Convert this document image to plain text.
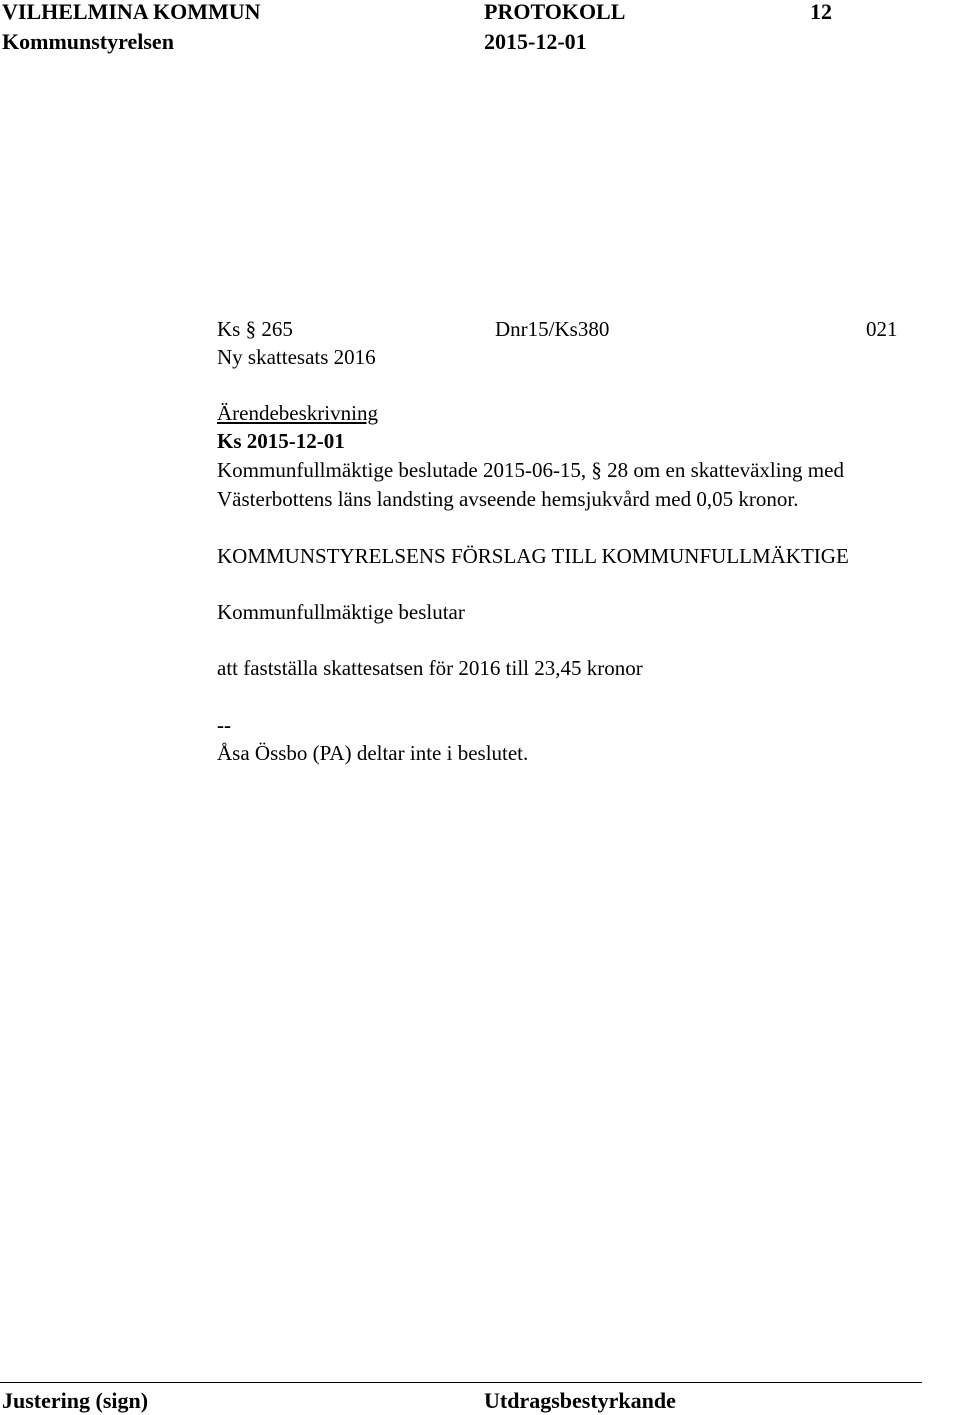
VILHELMINA KOMMUN	PROTOKOLL	12
Kommunstyrelsen	2015-12-01
Ks § 265	Dnr15/Ks380	021
Ny skattesats 2016
Ärendebeskrivning
Ks 2015-12-01
Kommunfullmäktige beslutade 2015-06-15, § 28 om en skatteväxling med
Västerbottens läns landsting avseende hemsjukvård med 0,05 kronor.
KOMMUNSTYRELSENS FÖRSLAG TILL KOMMUNFULLMÄKTIGE
Kommunfullmäktige beslutar
att fastställa skattesatsen för 2016 till 23,45 kronor
--
Åsa Össbo (PA) deltar inte i beslutet.
Justering (sign)	Utdragsbestyrkande
